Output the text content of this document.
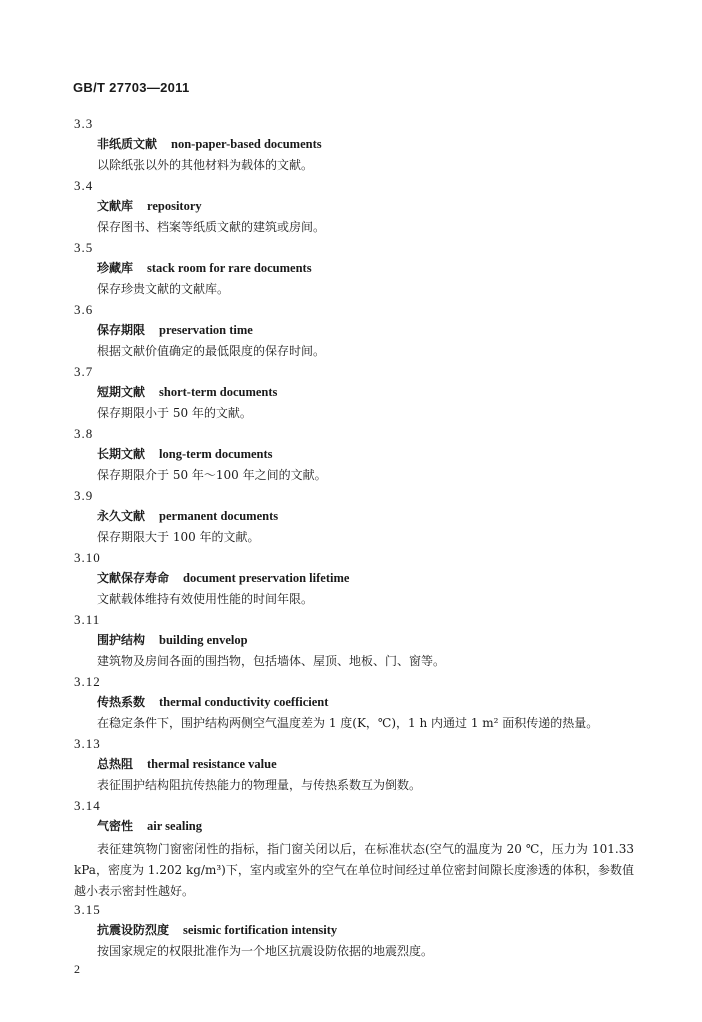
GB/T 27703—2011
3.3
非纸质文献 non-paper-based documents
以除纸张以外的其他材料为载体的文献。
3.4
文献库 repository
保存图书、档案等纸质文献的建筑或房间。
3.5
珍藏库 stack room for rare documents
保存珍贵文献的文献库。
3.6
保存期限 preservation time
根据文献价值确定的最低限度的保存时间。
3.7
短期文献 short-term documents
保存期限小于 50 年的文献。
3.8
长期文献 long-term documents
保存期限介于 50 年～100 年之间的文献。
3.9
永久文献 permanent documents
保存期限大于 100 年的文献。
3.10
文献保存寿命 document preservation lifetime
文献载体维持有效使用性能的时间年限。
3.11
围护结构 building envelop
建筑物及房间各面的围挡物，包括墙体、屋顶、地板、门、窗等。
3.12
传热系数 thermal conductivity coefficient
在稳定条件下，围护结构两侧空气温度差为 1 度(K，℃)，1 h 内通过 1 m² 面积传递的热量。
3.13
总热阻 thermal resistance value
表征围护结构阻抗传热能力的物理量，与传热系数互为倒数。
3.14
气密性 air sealing
表征建筑物门窗密闭性的指标，指门窗关闭以后，在标准状态(空气的温度为 20 ℃，压力为 101.33 kPa，密度为 1.202 kg/m³)下，室内或室外的空气在单位时间经过单位密封间隙长度渗透的体积，参数值越小表示密封性越好。
3.15
抗震设防烈度 seismic fortification intensity
按国家规定的权限批准作为一个地区抗震设防依据的地震烈度。
2
